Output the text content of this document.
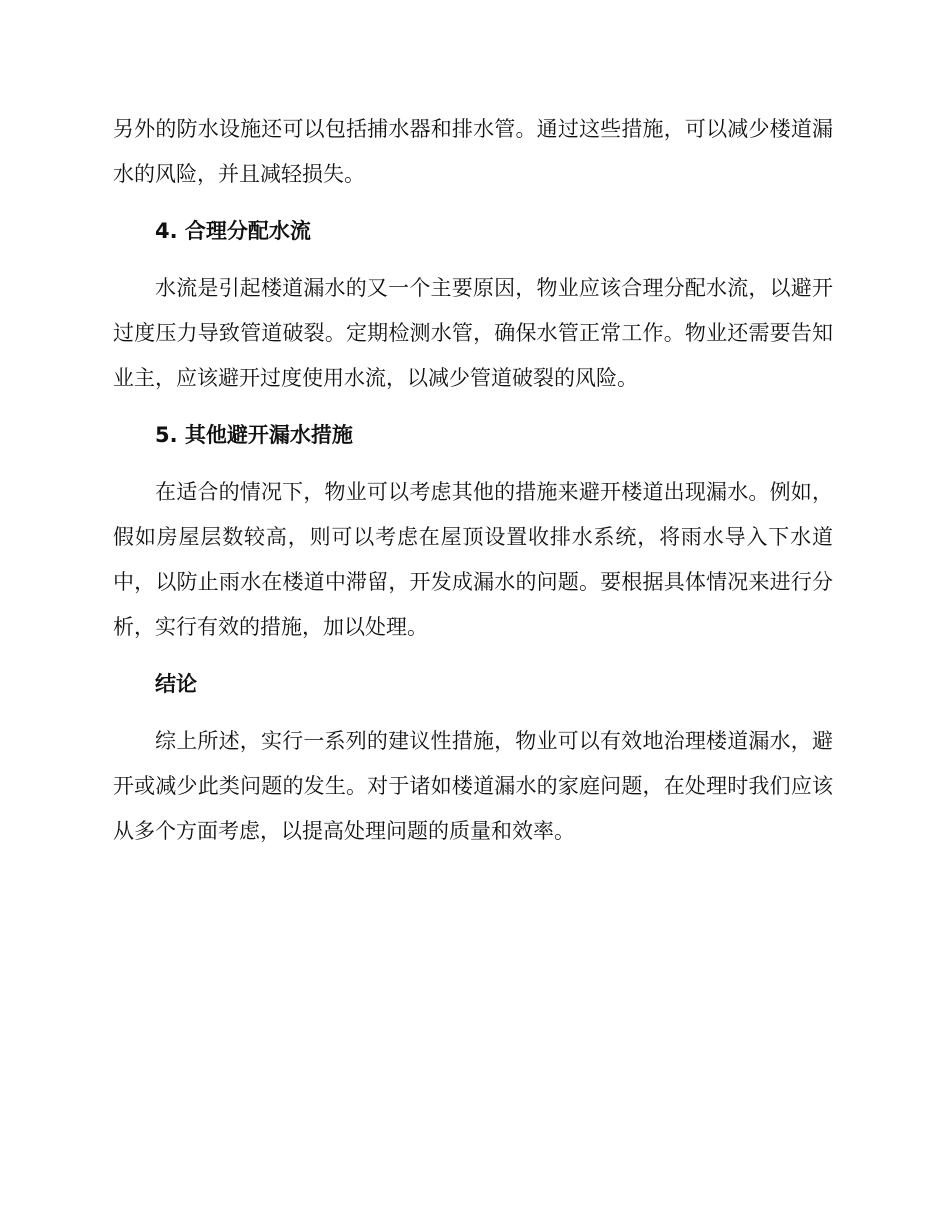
另外的防水设施还可以包括捕水器和排水管。通过这些措施，可以减少楼道漏水的风险，并且减轻损失。

4. 合理分配水流

水流是引起楼道漏水的又一个主要原因，物业应该合理分配水流，以避开过度压力导致管道破裂。定期检测水管，确保水管正常工作。物业还需要告知业主，应该避开过度使用水流，以减少管道破裂的风险。

5. 其他避开漏水措施

在适合的情况下，物业可以考虑其他的措施来避开楼道出现漏水。例如，假如房屋层数较高，则可以考虑在屋顶设置收排水系统，将雨水导入下水道中，以防止雨水在楼道中滞留，开发成漏水的问题。要根据具体情况来进行分析，实行有效的措施，加以处理。

结论

综上所述，实行一系列的建议性措施，物业可以有效地治理楼道漏水，避开或减少此类问题的发生。对于诸如楼道漏水的家庭问题，在处理时我们应该从多个方面考虑，以提高处理问题的质量和效率。
